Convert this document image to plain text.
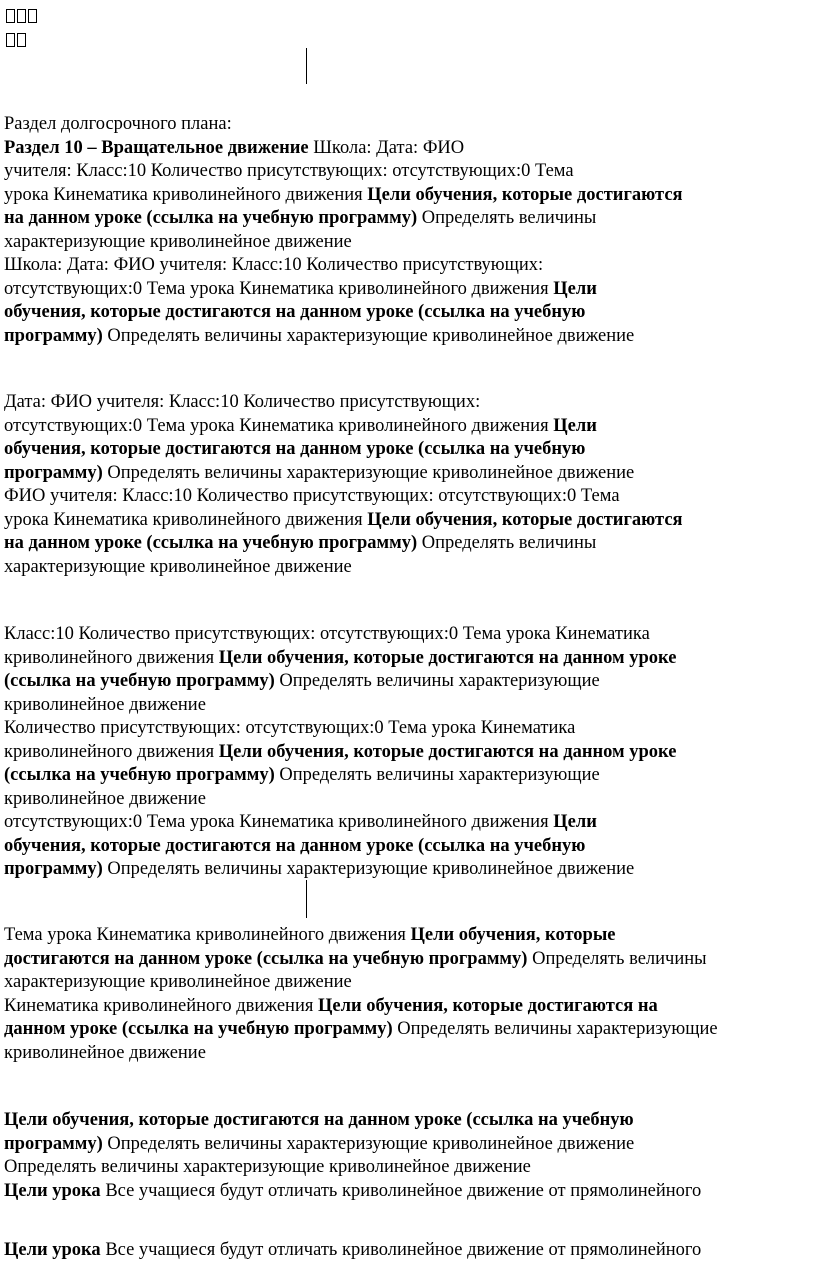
Раздел долгосрочного плана:
Раздел 10 – Вращательное движение Школа: Дата: ФИО
учителя: Класс:10 Количество присутствующих: отсутствующих:0 Тема
урока Кинематика криволинейного движения Цели обучения, которые достигаются
на данном уроке (ссылка на учебную программу) Определять величины
характеризующие криволинейное движение
Школа: Дата: ФИО учителя: Класс:10 Количество присутствующих:
отсутствующих:0 Тема урока Кинематика криволинейного движения Цели
обучения, которые достигаются на данном уроке (ссылка на учебную
программу) Определять величины характеризующие криволинейное движение
Дата: ФИО учителя: Класс:10 Количество присутствующих:
отсутствующих:0 Тема урока Кинематика криволинейного движения Цели
обучения, которые достигаются на данном уроке (ссылка на учебную
программу) Определять величины характеризующие криволинейное движение
ФИО учителя: Класс:10 Количество присутствующих: отсутствующих:0 Тема
урока Кинематика криволинейного движения Цели обучения, которые достигаются
на данном уроке (ссылка на учебную программу) Определять величины
характеризующие криволинейное движение
Класс:10 Количество присутствующих: отсутствующих:0 Тема урока Кинематика
криволинейного движения Цели обучения, которые достигаются на данном уроке
(ссылка на учебную программу) Определять величины характеризующие
криволинейное движение
Количество присутствующих: отсутствующих:0 Тема урока Кинематика
криволинейного движения Цели обучения, которые достигаются на данном уроке
(ссылка на учебную программу) Определять величины характеризующие
криволинейное движение
отсутствующих:0 Тема урока Кинематика криволинейного движения Цели
обучения, которые достигаются на данном уроке (ссылка на учебную
программу) Определять величины характеризующие криволинейное движение
Тема урока Кинематика криволинейного движения Цели обучения, которые
достигаются на данном уроке (ссылка на учебную программу) Определять величины
характеризующие криволинейное движение
Кинематика криволинейного движения Цели обучения, которые достигаются на
данном уроке (ссылка на учебную программу) Определять величины характеризующие
криволинейное движение
Цели обучения, которые достигаются на данном уроке (ссылка на учебную
программу) Определять величины характеризующие криволинейное движение
Определять величины характеризующие криволинейное движение
Цели урока Все учащиеся будут отличать криволинейное движение от прямолинейного
Цели урока Все учащиеся будут отличать криволинейное движение от прямолинейного
